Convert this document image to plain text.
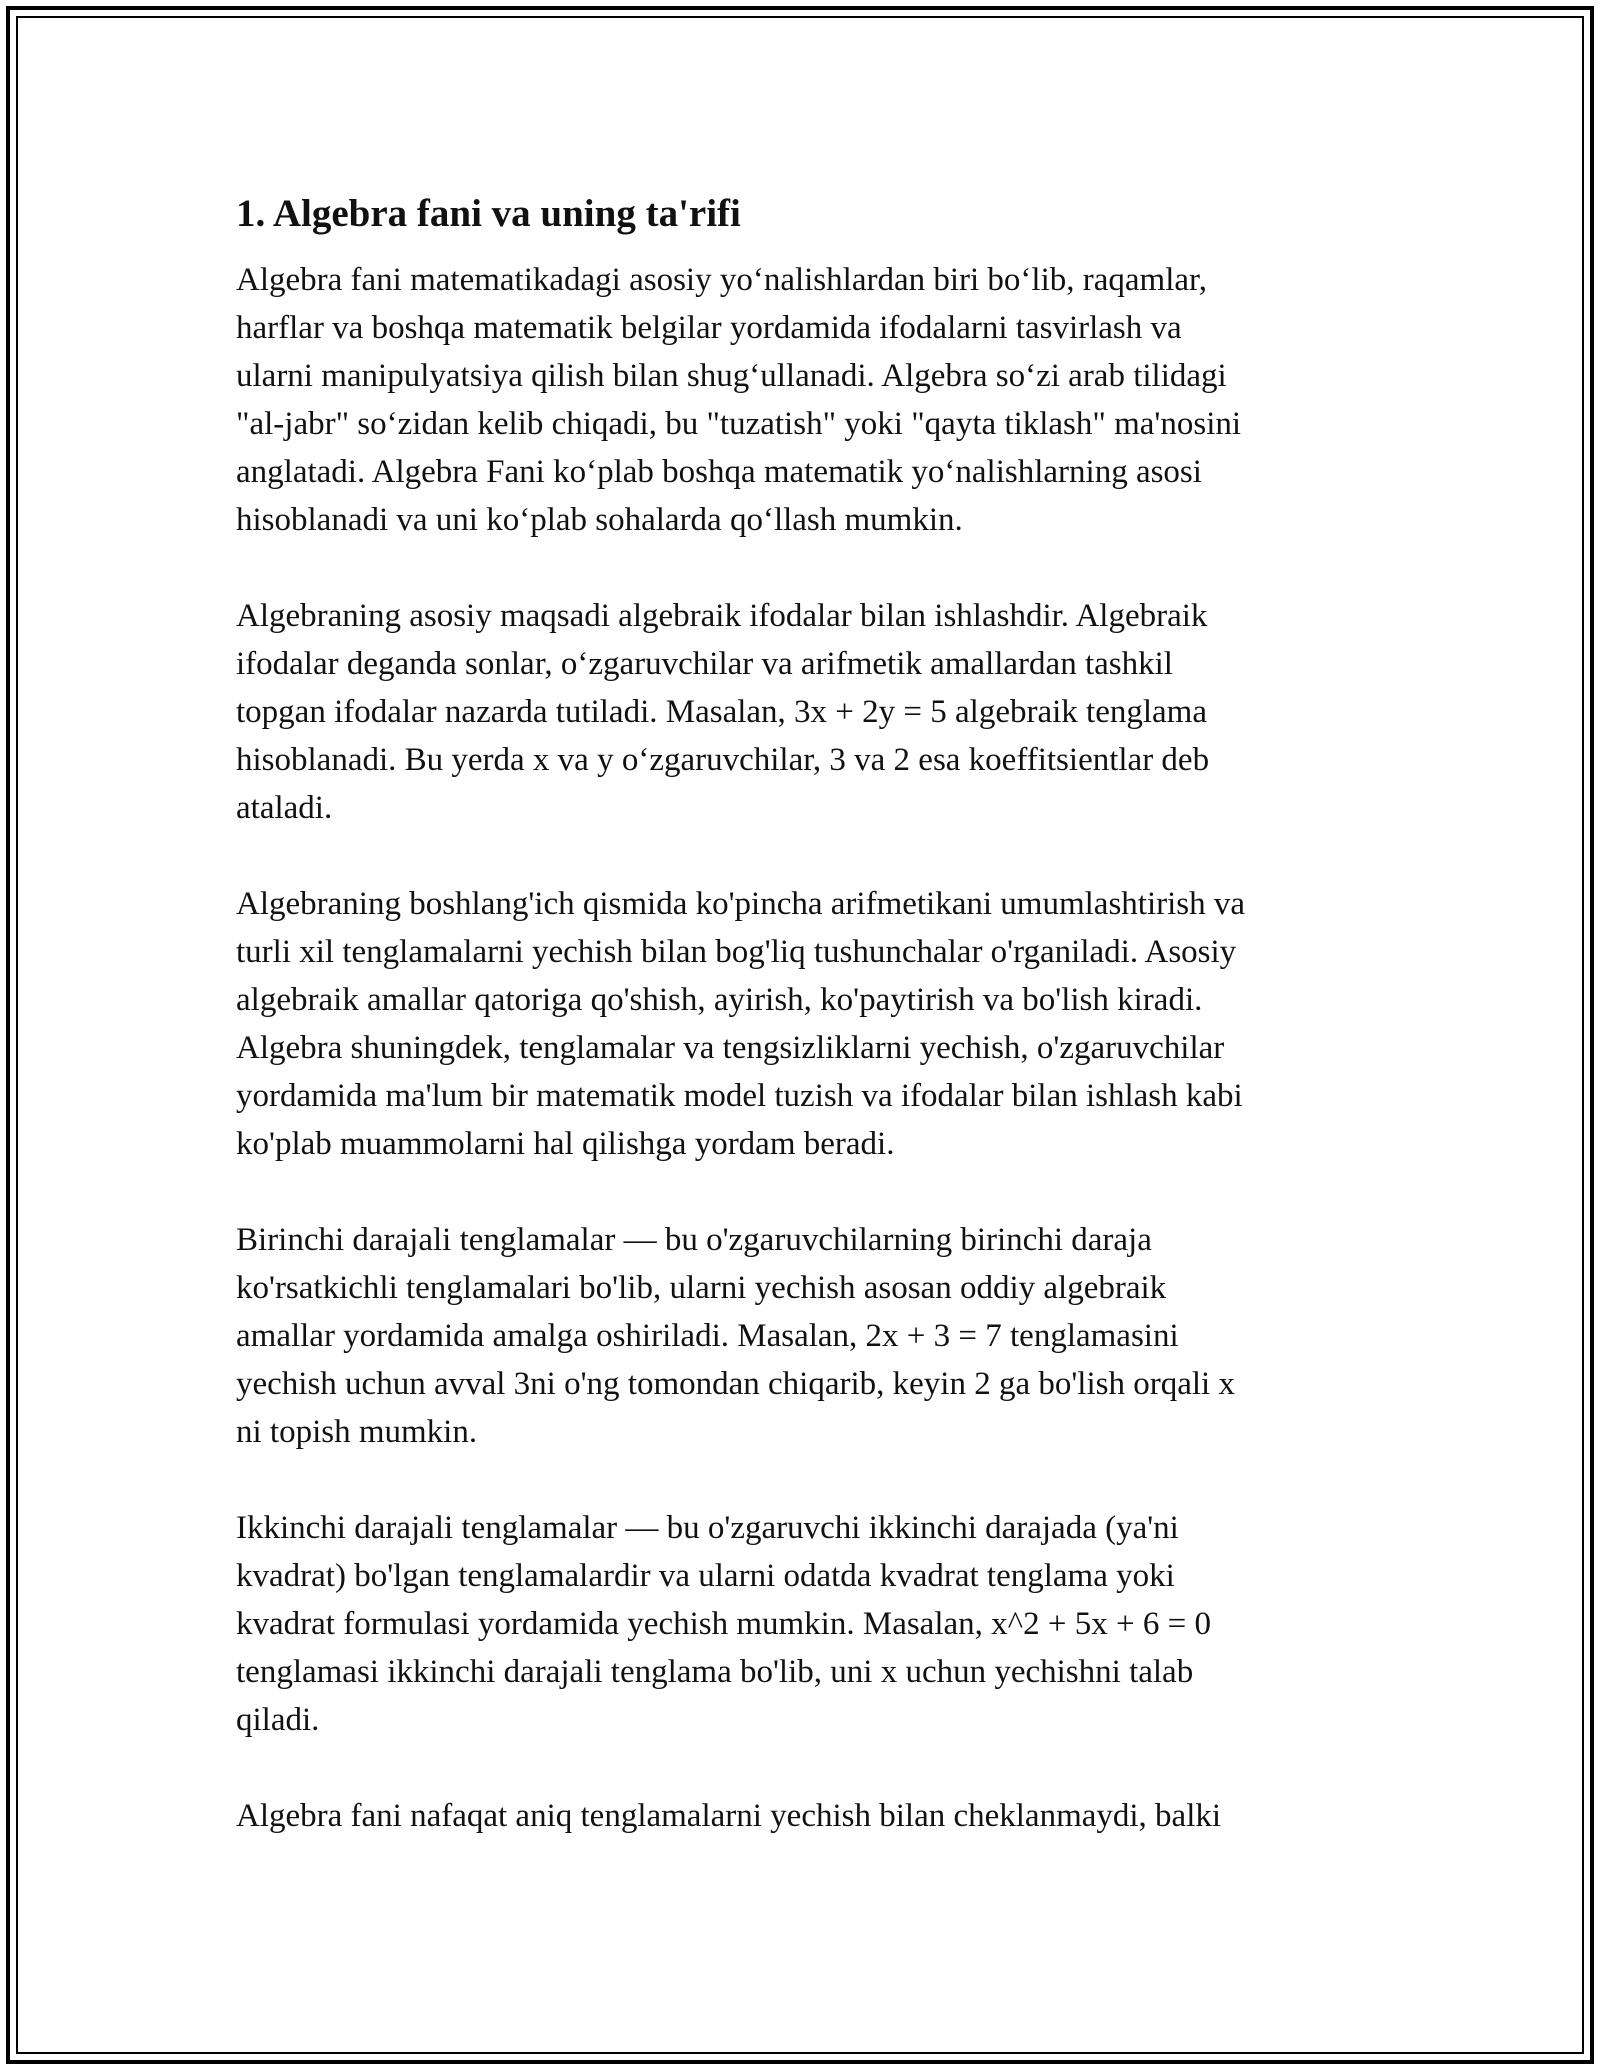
1. Algebra fani va uning ta'rifi
Algebra fani matematikadagi asosiy yo‘nalishlardan biri bo‘lib, raqamlar,
harflar va boshqa matematik belgilar yordamida ifodalarni tasvirlash va
ularni manipulyatsiya qilish bilan shug‘ullanadi. Algebra so‘zi arab tilidagi
"al-jabr" so‘zidan kelib chiqadi, bu "tuzatish" yoki "qayta tiklash" ma'nosini
anglatadi. Algebra Fani ko‘plab boshqa matematik yo‘nalishlarning asosi
hisoblanadi va uni ko‘plab sohalarda qo‘llash mumkin.
Algebraning asosiy maqsadi algebraik ifodalar bilan ishlashdir. Algebraik
ifodalar deganda sonlar, o‘zgaruvchilar va arifmetik amallardan tashkil
topgan ifodalar nazarda tutiladi. Masalan, 3x + 2y = 5 algebraik tenglama
hisoblanadi. Bu yerda x va y o‘zgaruvchilar, 3 va 2 esa koeffitsientlar deb
ataladi.
Algebraning boshlang'ich qismida ko'pincha arifmetikani umumlashtirish va
turli xil tenglamalarni yechish bilan bog'liq tushunchalar o'rganiladi. Asosiy
algebraik amallar qatoriga qo'shish, ayirish, ko'paytirish va bo'lish kiradi.
Algebra shuningdek, tenglamalar va tengsizliklarni yechish, o'zgaruvchilar
yordamida ma'lum bir matematik model tuzish va ifodalar bilan ishlash kabi
ko'plab muammolarni hal qilishga yordam beradi.
Birinchi darajali tenglamalar — bu o'zgaruvchilarning birinchi daraja
ko'rsatkichli tenglamalari bo'lib, ularni yechish asosan oddiy algebraik
amallar yordamida amalga oshiriladi. Masalan, 2x + 3 = 7 tenglamasini
yechish uchun avval 3ni o'ng tomondan chiqarib, keyin 2 ga bo'lish orqali x
ni topish mumkin.
Ikkinchi darajali tenglamalar — bu o'zgaruvchi ikkinchi darajada (ya'ni
kvadrat) bo'lgan tenglamalardir va ularni odatda kvadrat tenglama yoki
kvadrat formulasi yordamida yechish mumkin. Masalan, x^2 + 5x + 6 = 0
tenglamasi ikkinchi darajali tenglama bo'lib, uni x uchun yechishni talab
qiladi.
Algebra fani nafaqat aniq tenglamalarni yechish bilan cheklanmaydi, balki
